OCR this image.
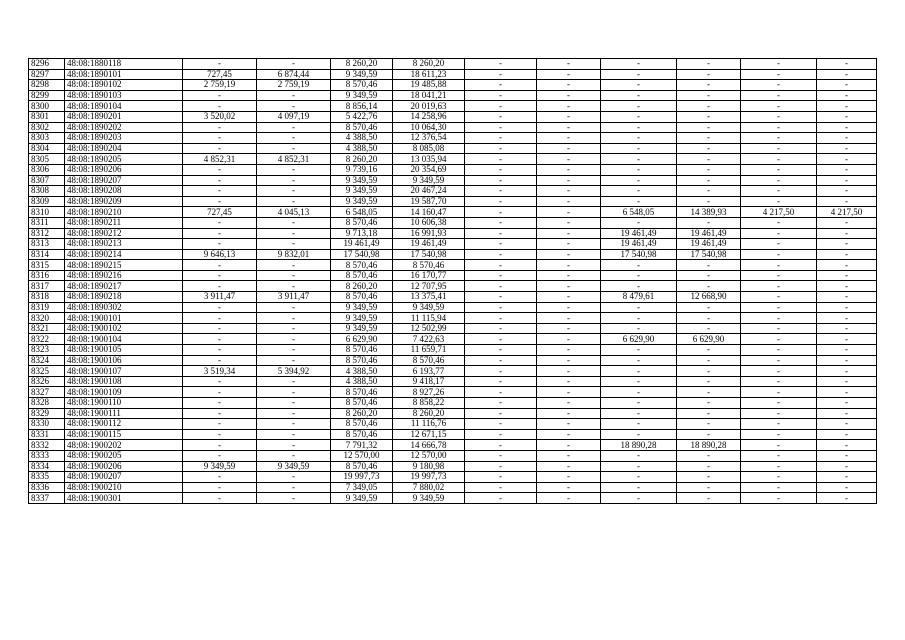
8296	48:08:1880118	-	-	8 260,20	8 260,20	-	-	-	-	-	-
8297	48:08:1890101	727,45	6 874,44	9 349,59	18 611,23	-	-	-	-	-	-
8298	48:08:1890102	2 759,19	2 759,19	8 570,46	19 485,88	-	-	-	-	-	-
8299	48:08:1890103	-	-	9 349,59	18 041,21	-	-	-	-	-	-
8300	48:08:1890104	-	-	8 856,14	20 019,63	-	-	-	-	-	-
8301	48:08:1890201	3 520,02	4 097,19	5 422,76	14 258,96	-	-	-	-	-	-
8302	48:08:1890202	-	-	8 570,46	10 064,30	-	-	-	-	-	-
8303	48:08:1890203	-	-	4 388,50	12 376,54	-	-	-	-	-	-
8304	48:08:1890204	-	-	4 388,50	8 085,08	-	-	-	-	-	-
8305	48:08:1890205	4 852,31	4 852,31	8 260,20	13 035,94	-	-	-	-	-	-
8306	48:08:1890206	-	-	9 739,16	20 354,69	-	-	-	-	-	-
8307	48:08:1890207	-	-	9 349,59	9 349,59	-	-	-	-	-	-
8308	48:08:1890208	-	-	9 349,59	20 467,24	-	-	-	-	-	-
8309	48:08:1890209	-	-	9 349,59	19 587,70	-	-	-	-	-	-
8310	48:08:1890210	727,45	4 045,13	6 548,05	14 160,47	-	-	6 548,05	14 389,93	4 217,50	4 217,50
8311	48:08:1890211	-	-	8 570,46	10 606,38	-	-	-	-	-	-
8312	48:08:1890212	-	-	9 713,18	16 991,93	-	-	19 461,49	19 461,49	-	-
8313	48:08:1890213	-	-	19 461,49	19 461,49	-	-	19 461,49	19 461,49	-	-
8314	48:08:1890214	9 646,13	9 832,01	17 540,98	17 540,98	-	-	17 540,98	17 540,98	-	-
8315	48:08:1890215	-	-	8 570,46	8 570,46	-	-	-	-	-	-
8316	48:08:1890216	-	-	8 570,46	16 170,77	-	-	-	-	-	-
8317	48:08:1890217	-	-	8 260,20	12 707,95	-	-	-	-	-	-
8318	48:08:1890218	3 911,47	3 911,47	8 570,46	13 375,41	-	-	8 479,61	12 668,90	-	-
8319	48:08:1890302	-	-	9 349,59	9 349,59	-	-	-	-	-	-
8320	48:08:1900101	-	-	9 349,59	11 115,94	-	-	-	-	-	-
8321	48:08:1900102	-	-	9 349,59	12 502,99	-	-	-	-	-	-
8322	48:08:1900104	-	-	6 629,90	7 422,63	-	-	6 629,90	6 629,90	-	-
8323	48:08:1900105	-	-	8 570,46	11 659,71	-	-	-	-	-	-
8324	48:08:1900106	-	-	8 570,46	8 570,46	-	-	-	-	-	-
8325	48:08:1900107	3 519,34	5 394,92	4 388,50	6 193,77	-	-	-	-	-	-
8326	48:08:1900108	-	-	4 388,50	9 418,17	-	-	-	-	-	-
8327	48:08:1900109	-	-	8 570,46	8 927,26	-	-	-	-	-	-
8328	48:08:1900110	-	-	8 570,46	8 858,22	-	-	-	-	-	-
8329	48:08:1900111	-	-	8 260,20	8 260,20	-	-	-	-	-	-
8330	48:08:1900112	-	-	8 570,46	11 116,76	-	-	-	-	-	-
8331	48:08:1900115	-	-	8 570,46	12 671,15	-	-	-	-	-	-
8332	48:08:1900202	-	-	7 791,32	14 666,78	-	-	18 890,28	18 890,28	-	-
8333	48:08:1900205	-	-	12 570,00	12 570,00	-	-	-	-	-	-
8334	48:08:1900206	9 349,59	9 349,59	8 570,46	9 180,98	-	-	-	-	-	-
8335	48:08:1900207	-	-	19 997,73	19 997,73	-	-	-	-	-	-
8336	48:08:1900210	-	-	7 349,05	7 880,02	-	-	-	-	-	-
8337	48:08:1900301	-	-	9 349,59	9 349,59	-	-	-	-	-	-
